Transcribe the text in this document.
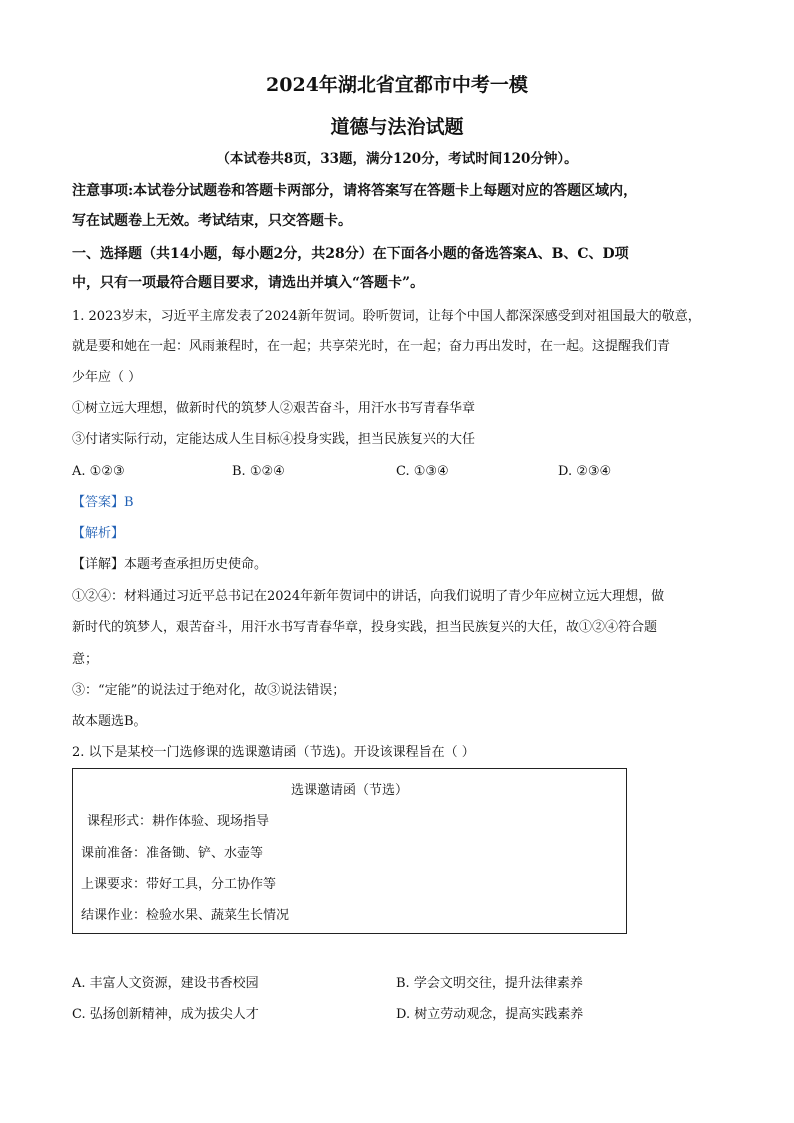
2024年湖北省宜都市中考一模
道德与法治试题
（本试卷共8页，33题，满分120分，考试时间120分钟）。
注意事项:本试卷分试题卷和答题卡两部分，请将答案写在答题卡上每题对应的答题区域内，
写在试题卷上无效。考试结束，只交答题卡。
一、选择题（共14小题，每小题2分，共28分）在下面各小题的备选答案A、B、C、D项
中，只有一项最符合题目要求，请选出并填入“答题卡”。
1. 2023岁末，习近平主席发表了2024新年贺词。聆听贺词，让每个中国人都深深感受到对祖国最大的敬意，
就是要和她在一起：风雨兼程时，在一起；共享荣光时，在一起；奋力再出发时，在一起。这提醒我们青
少年应（ ）
①树立远大理想，做新时代的筑梦人②艰苦奋斗，用汗水书写青春华章
③付诸实际行动，定能达成人生目标④投身实践，担当民族复兴的大任
A. ①②③	B. ①②④	C. ①③④	D. ②③④
【答案】B
【解析】
【详解】本题考查承担历史使命。
①②④：材料通过习近平总书记在2024年新年贺词中的讲话，向我们说明了青少年应树立远大理想，做
新时代的筑梦人，艰苦奋斗，用汗水书写青春华章，投身实践，担当民族复兴的大任，故①②④符合题
意；
③：“定能”的说法过于绝对化，故③说法错误；
故本题选B。
2. 以下是某校一门选修课的选课邀请函（节选)。开设该课程旨在（ ）
选课邀请函（节选）
课程形式：耕作体验、现场指导
课前准备：准备锄、铲、水壶等
上课要求：带好工具，分工协作等
结课作业：检验水果、蔬菜生长情况
A. 丰富人文资源，建设书香校园	B. 学会文明交往，提升法律素养
C. 弘扬创新精神，成为拔尖人才	D. 树立劳动观念，提高实践素养
